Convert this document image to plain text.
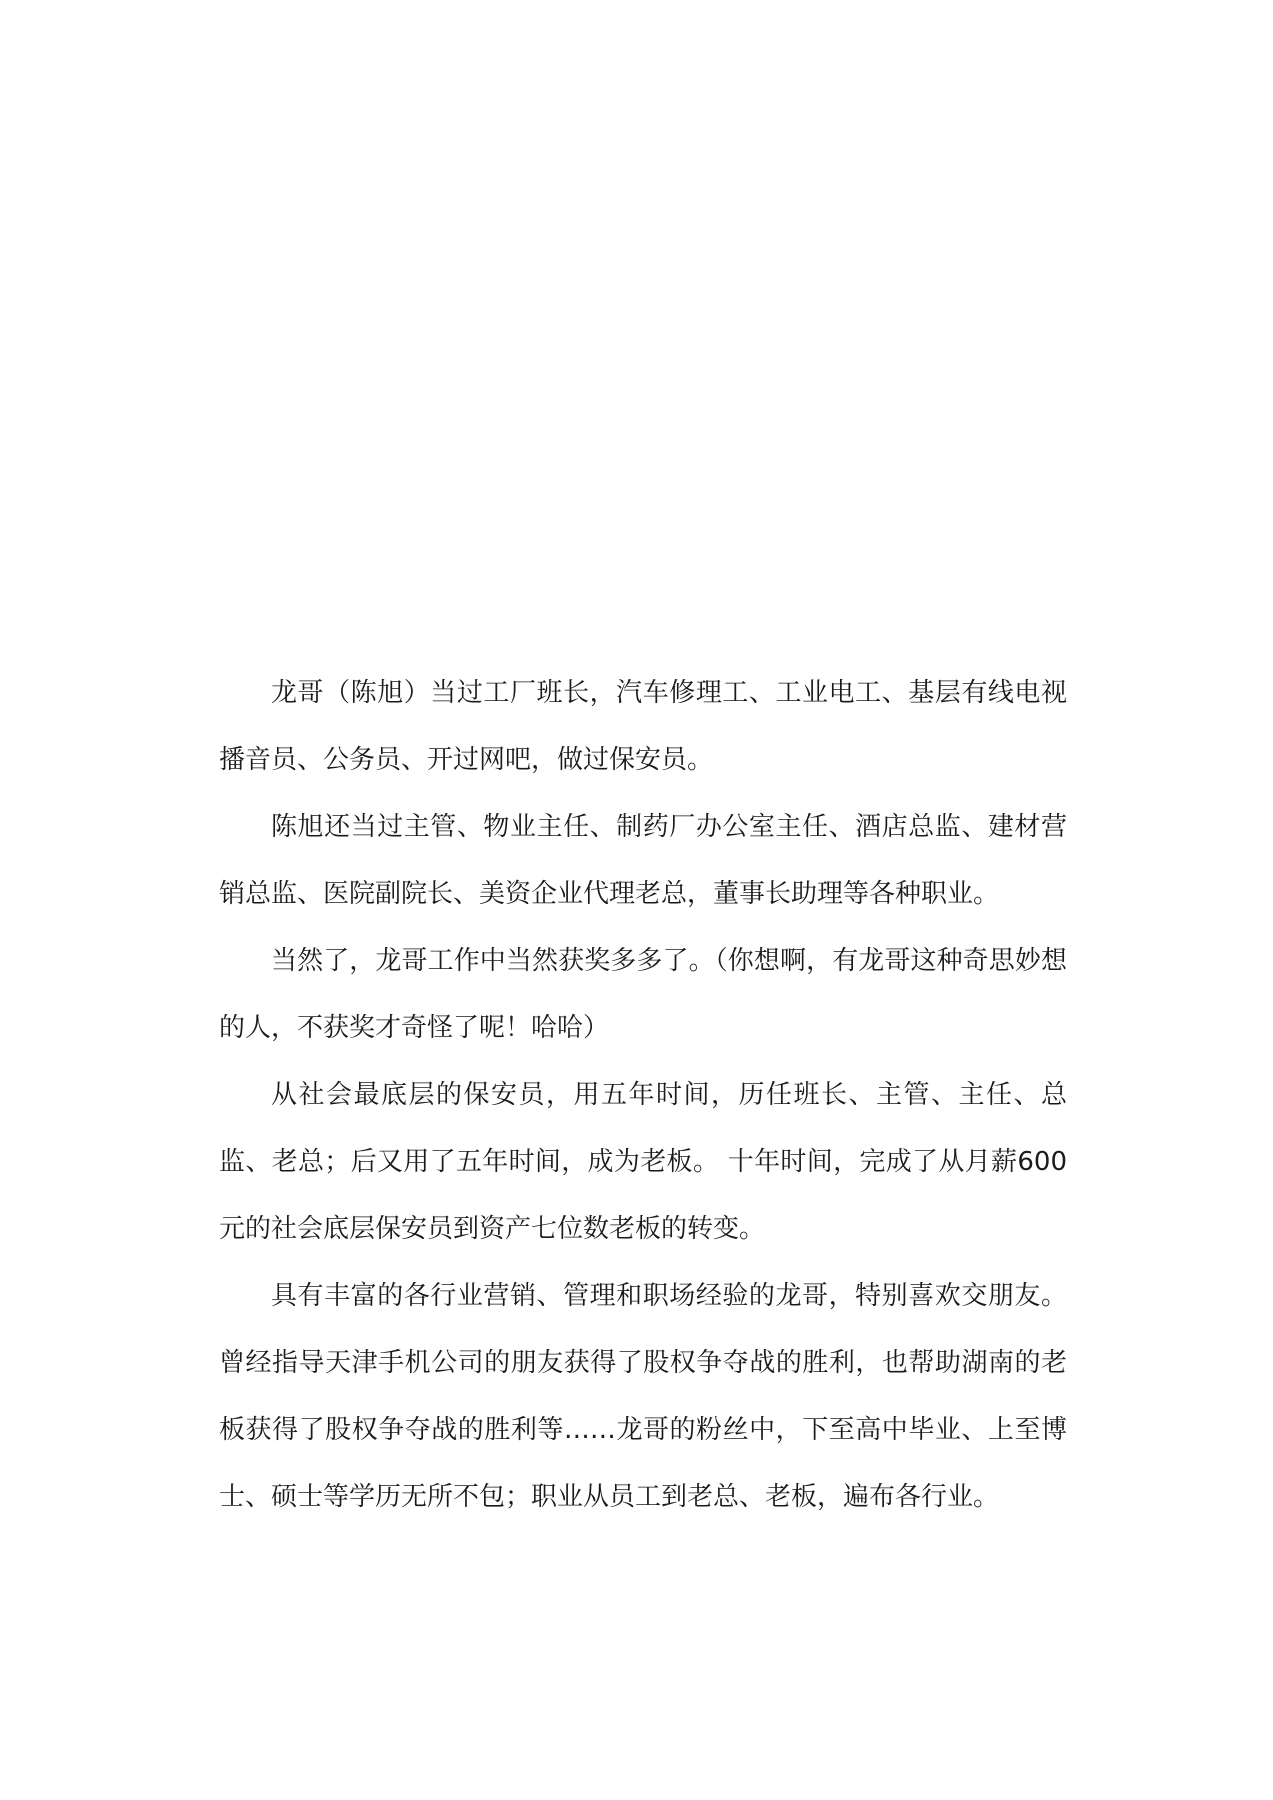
龙哥（陈旭）当过工厂班长，汽车修理工、工业电工、基层有线电视播音员、公务员、开过网吧，做过保安员。

陈旭还当过主管、物业主任、制药厂办公室主任、酒店总监、建材营销总监、医院副院长、美资企业代理老总，董事长助理等各种职业。

当然了，龙哥工作中当然获奖多多了。（你想啊，有龙哥这种奇思妙想的人，不获奖才奇怪了呢！哈哈）

从社会最底层的保安员，用五年时间，历任班长、主管、主任、总监、老总；后又用了五年时间，成为老板。 十年时间，完成了从月薪600元的社会底层保安员到资产七位数老板的转变。

具有丰富的各行业营销、管理和职场经验的龙哥，特别喜欢交朋友。曾经指导天津手机公司的朋友获得了股权争夺战的胜利，也帮助湖南的老板获得了股权争夺战的胜利等……龙哥的粉丝中，下至高中毕业、上至博士、硕士等学历无所不包；职业从员工到老总、老板，遍布各行业。
